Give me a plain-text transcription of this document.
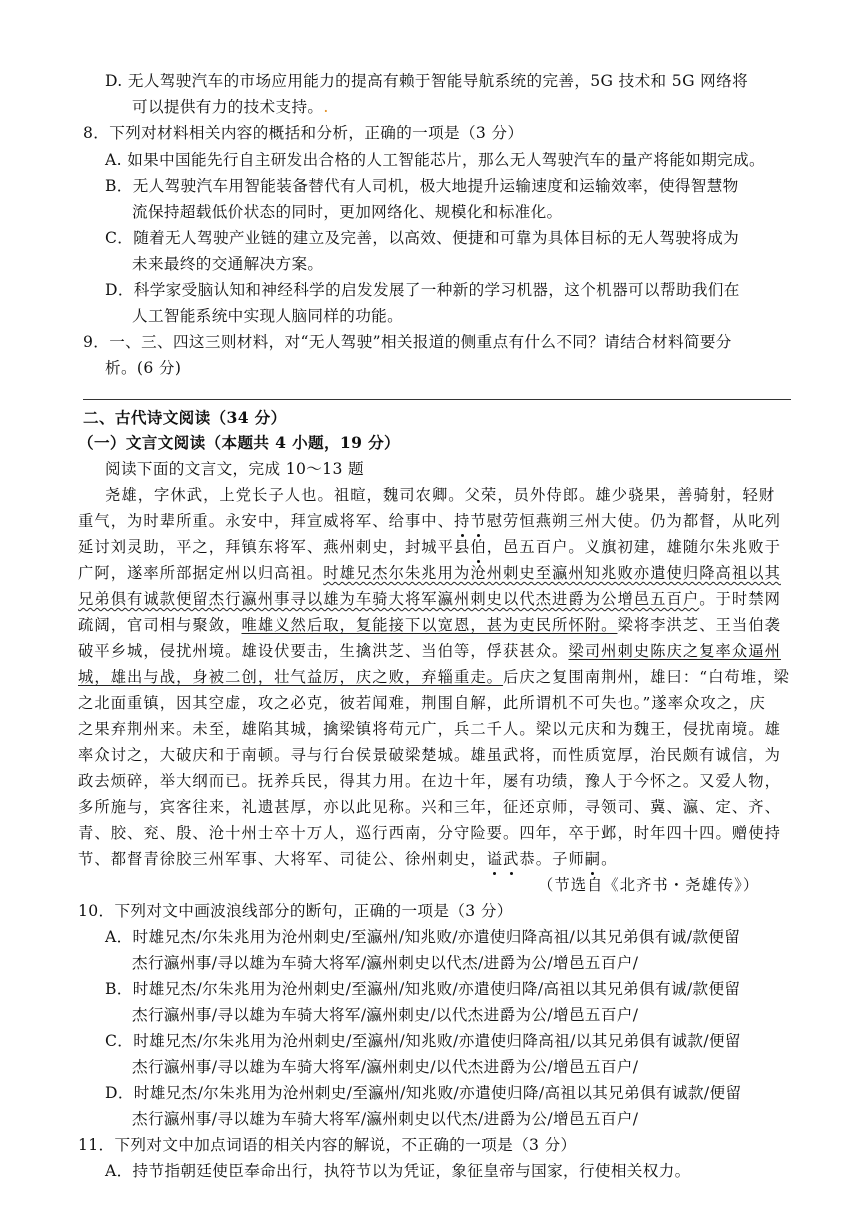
D. 无人驾驶汽车的市场应用能力的提高有赖于智能导航系统的完善，5G 技术和 5G 网络将
可以提供有力的技术支持。.
8．下列对材料相关内容的概括和分析，正确的一项是（3 分）
A. 如果中国能先行自主研发出合格的人工智能芯片，那么无人驾驶汽车的量产将能如期完成。
B．无人驾驶汽车用智能装备替代有人司机，极大地提升运输速度和运输效率，使得智慧物
流保持超载低价状态的同时，更加网络化、规模化和标准化。
C．随着无人驾驶产业链的建立及完善，以高效、便捷和可靠为具体目标的无人驾驶将成为
未来最终的交通解决方案。
D．科学家受脑认知和神经科学的启发发展了一种新的学习机器，这个机器可以帮助我们在
人工智能系统中实现人脑同样的功能。
9．一、三、四这三则材料，对“无人驾驶”相关报道的侧重点有什么不同？请结合材料简要分
析。(6 分)
二、古代诗文阅读（34 分）
（一）文言文阅读（本题共 4 小题，19 分）
阅读下面的文言文，完成 10～13 题
尧雄，字休武，上党长子人也。祖暄，魏司农卿。父荣，员外侍郎。雄少骁果，善骑射，轻财
重气，为时辈所重。永安中，拜宣威将军、给事中、持节慰劳恒燕朔三州大使。仍为都督，从叱列
延讨刘灵助，平之，拜镇东将军、燕州刺史，封城平县伯，邑五百户。义旗初建，雄随尔朱兆败于
广阿，遂率所部据定州以归高祖。时雄兄杰尔朱兆用为沧州刺史至瀛州知兆败亦遣使归降高祖以其
兄弟俱有诚款便留杰行瀛州事寻以雄为车骑大将军瀛州刺史以代杰进爵为公增邑五百户。于时禁网
疏阔，官司相与聚敛，唯雄义然后取，复能接下以宽恩，甚为吏民所怀附。梁将李洪芝、王当伯袭
破平乡城，侵扰州境。雄设伏要击，生擒洪芝、当伯等，俘获甚众。梁司州刺史陈庆之复率众逼州
城，雄出与战，身被二创，壮气益厉，庆之败，弃辎重走。后庆之复围南荆州，雄曰：“白苟堆，梁
之北面重镇，因其空虚，攻之必克，彼若闻难，荆围自解，此所谓机不可失也。”遂率众攻之，庆
之果弃荆州来。未至，雄陷其城，擒梁镇将苟元广，兵二千人。梁以元庆和为魏王，侵扰南境。雄
率众讨之，大破庆和于南顿。寻与行台侯景破梁楚城。雄虽武将，而性质宽厚，治民颇有诚信，为
政去烦碎，举大纲而已。抚养兵民，得其力用。在边十年，屡有功绩，豫人于今怀之。又爱人物，
多所施与，宾客往来，礼遗甚厚，亦以此见称。兴和三年，征还京师，寻领司、冀、瀛、定、齐、
青、胶、兖、殷、沧十州士卒十万人，巡行西南，分守险要。四年，卒于邺，时年四十四。赠使持
节、都督青徐胶三州军事、大将军、司徒公、徐州刺史，谥武恭。子师嗣。
（节选自《北齐书・尧雄传》）
10．下列对文中画波浪线部分的断句，正确的一项是（3 分）
A．时雄兄杰/尔朱兆用为沧州刺史/至瀛州/知兆败/亦遣使归降高祖/以其兄弟俱有诚/款便留
杰行瀛州事/寻以雄为车骑大将军/瀛州刺史以代杰/进爵为公/增邑五百户/
B．时雄兄杰/尔朱兆用为沧州刺史/至瀛州/知兆败/亦遣使归降/高祖以其兄弟俱有诚/款便留
杰行瀛州事/寻以雄为车骑大将军/瀛州刺史/以代杰进爵为公/增邑五百户/
C．时雄兄杰/尔朱兆用为沧州刺史/至瀛州/知兆败/亦遣使归降高祖/以其兄弟俱有诚款/便留
杰行瀛州事/寻以雄为车骑大将军/瀛州刺史/以代杰进爵为公/增邑五百户/
D．时雄兄杰/尔朱兆用为沧州刺史/至瀛州/知兆败/亦遣使归降/高祖以其兄弟俱有诚款/便留
杰行瀛州事/寻以雄为车骑大将军/瀛州刺史以代杰/进爵为公/增邑五百户/
11．下列对文中加点词语的相关内容的解说，不正确的一项是（3 分）
A．持节指朝廷使臣奉命出行，执符节以为凭证，象征皇帝与国家，行使相关权力。
